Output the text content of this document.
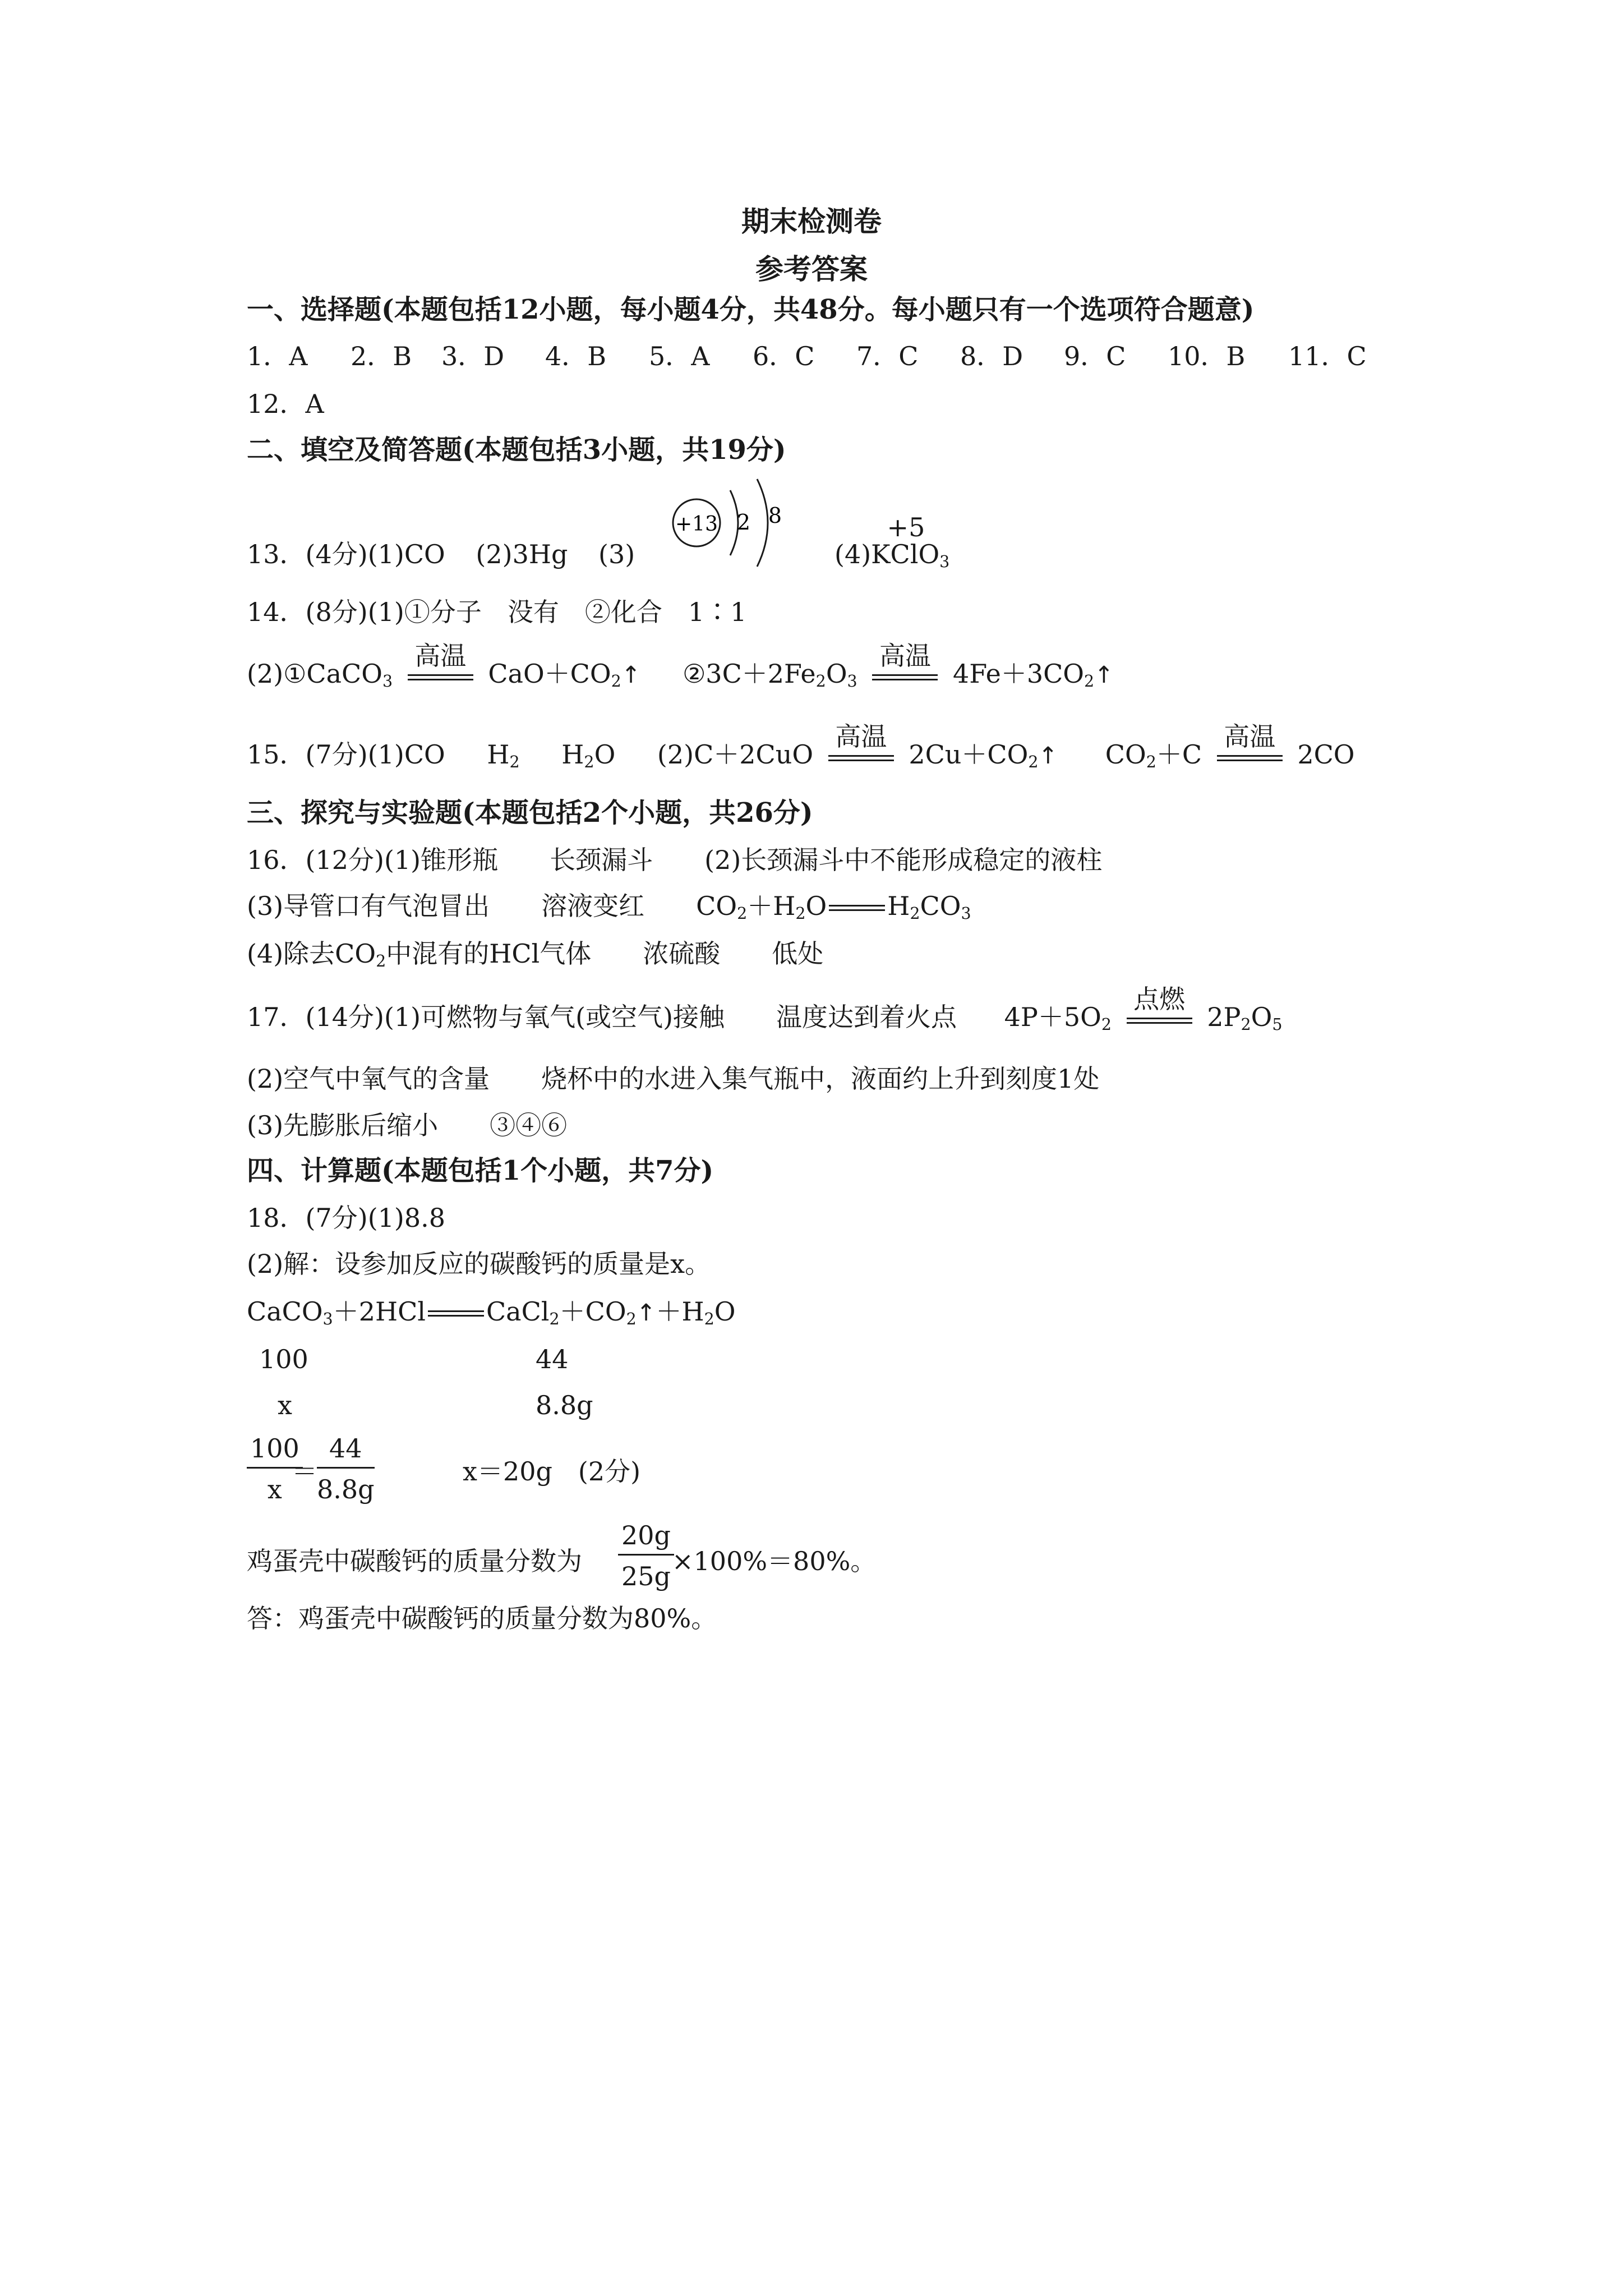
期末检测卷
参考答案
一、选择题(本题包括12小题，每小题4分，共48分。每小题只有一个选项符合题意)
1．A 2．B 3．D 4．B 5．A 6．C 7．C 8．D 9．C 10．B 11．C
12．A
二、填空及简答题(本题包括3小题，共19分)
13．(4分)(1)CO (2)3Hg (3)
+13 2 8
(4)KCl
+5
$O_3$
14．(8分)(1)①分子　没有　②化合　1∶1
(2)①CaCO$_3$
高温
$CaO+CO_2↑$ $②3C+2Fe_2O_3$
高温
$4Fe+3CO_2↑$
15．(7分)(1)CO $H_2$ $H_2O$ (2)C＋2CuO
高温
$2Cu+CO_2↑$ $CO_2+C$
高温
2CO
三、探究与实验题(本题包括2个小题，共26分)
16．(12分)(1)锥形瓶　　长颈漏斗　　(2)长颈漏斗中不能形成稳定的液柱
(3)导管口有气泡冒出　　溶液变红　　$CO_2+H_2O$ $H_2CO_3$
(4)除去$CO_2$中混有的HCl气体　　浓硫酸　　低处
17．(14分)(1)可燃物与氧气(或空气)接触　　温度达到着火点 $4P+5O_2$
点燃
$2P_2O_5$
(2)空气中氧气的含量　　烧杯中的水进入集气瓶中，液面约上升到刻度1处
(3)先膨胀后缩小　　③④⑥
四、计算题(本题包括1个小题，共7分)
18．(7分)(1)8.8
(2)解：设参加反应的碳酸钙的质量是x。
CaCO$_3$＋2HCl $CaCl_2+CO_2↑+H_2O$
100	44
x	8.8g
$\frac{100}{x}$
＝ $\frac{44}{8.8g}$	x＝20g　(2分)
鸡蛋壳中碳酸钙的质量分数为 $\frac{20g}{25g}$
×100%＝80%。
答：鸡蛋壳中碳酸钙的质量分数为80%。
